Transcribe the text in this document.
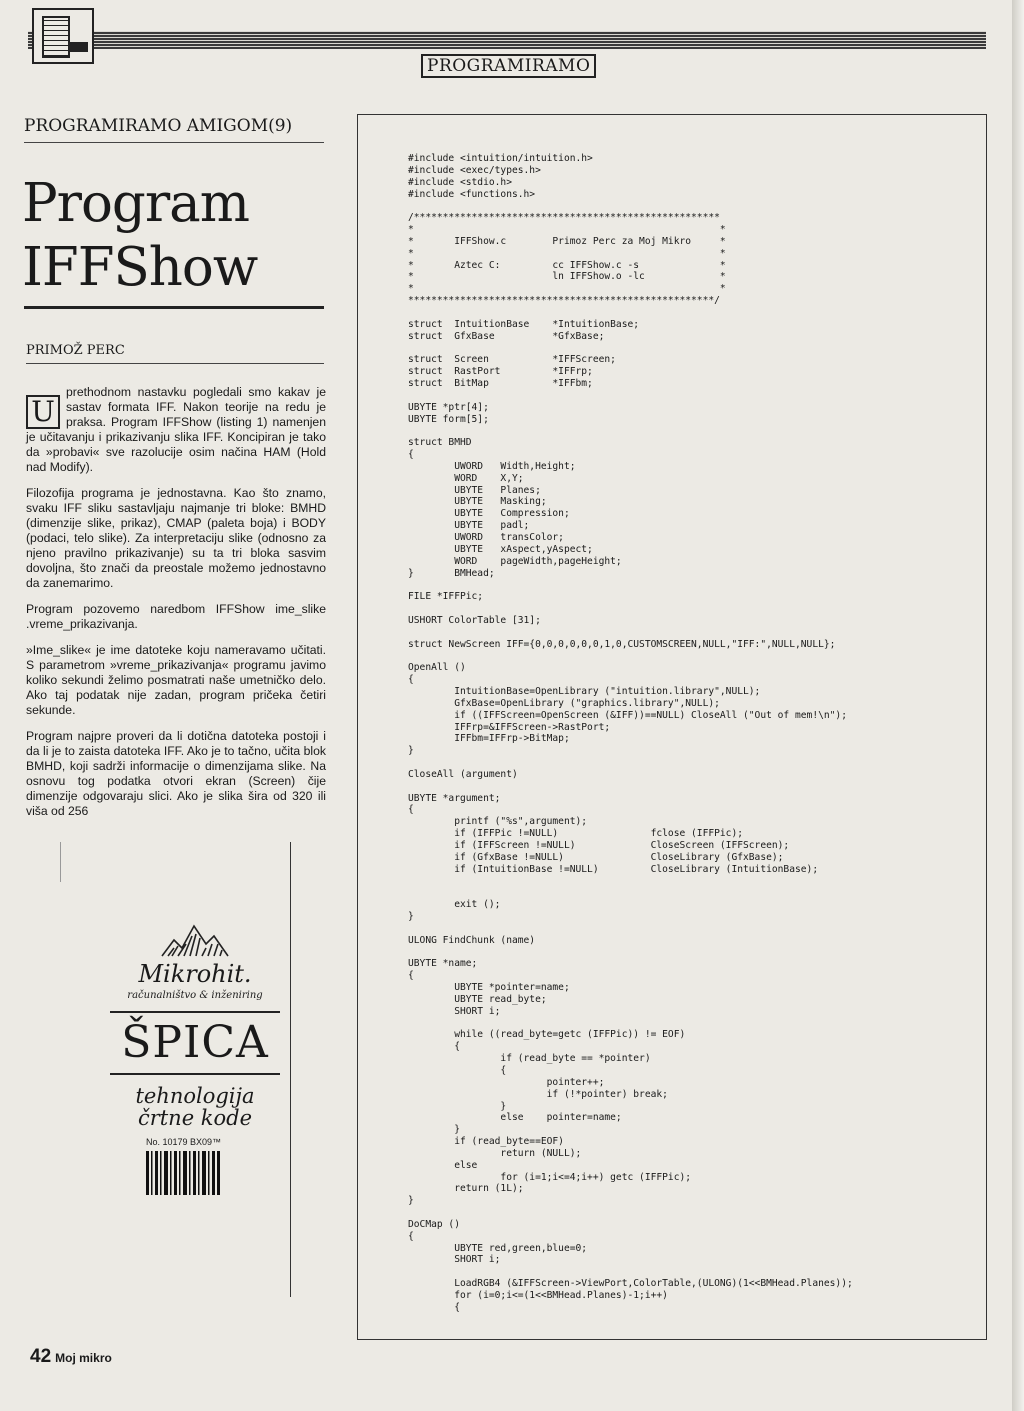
PROGRAMIRAMO
PROGRAMIRAMO AMIGOM(9)
Program
IFFShow
PRIMOŽ PERC

U
prethodnom nastavku pogledali smo kakav je sastav formata IFF. Nakon teorije na redu je praksa. Program IFFShow (listing 1) namenjen je učitavanju i prikazivanju slika IFF. Koncipiran je tako da »probavi« sve razolucije osim načina HAM (Hold nad Modify).

Filozofija programa je jednostavna. Kao što znamo, svaku IFF sliku sastavljaju najmanje tri bloke: BMHD (dimenzije slike, prikaz), CMAP (paleta boja) i BODY (podaci, telo slike). Za interpretaciju slike (odnosno za njeno pravilno prikazivanje) su ta tri bloka sasvim dovoljna, što znači da preostale možemo jednostavno da zanemarimo.

Program pozovemo naredbom IFFShow ime_slike .vreme_prikazivanja.

»Ime_slike« je ime datoteke koju nameravamo učitati. S parametrom »vreme_prikazivanja« programu javimo koliko sekundi želimo posmatrati naše umetničko delo. Ako taj podatak nije zadan, program pričeka četiri sekunde.

Program najpre proveri da li dotična datoteka postoji i da li je to zaista datoteka IFF. Ako je to tačno, učita blok BMHD, koji sadrži informacije o dimenzijama slike. Na osnovu tog podatka otvori ekran (Screen) čije dimenzije odgovaraju slici. Ako je slika šira od 320 ili viša od 256

Mikrohit.
računalništvo & inženiring
ŠPICA
tehnologija
črtne kode
No. 10179 BX09™
42 Moj mikro
#include <intuition/intuition.h>
#include <exec/types.h>
#include <stdio.h>
#include <functions.h>

/*****************************************************
*                                                     *
*       IFFShow.c        Primoz Perc za Moj Mikro     *
*                                                     *
*       Aztec C:         cc IFFShow.c -s              *
*                        ln IFFShow.o -lc             *
*                                                     *
*****************************************************/

struct  IntuitionBase    *IntuitionBase;
struct  GfxBase          *GfxBase;

struct  Screen           *IFFScreen;
struct  RastPort         *IFFrp;
struct  BitMap           *IFFbm;

UBYTE *ptr[4];
UBYTE form[5];

struct BMHD
{
UWORD   Width,Height;
WORD    X,Y;
UBYTE   Planes;
UBYTE   Masking;
UBYTE   Compression;
UBYTE   padl;
UWORD   transColor;
UBYTE   xAspect,yAspect;
WORD    pageWidth,pageHeight;
}       BMHead;

FILE *IFFPic;

USHORT ColorTable [31];

struct NewScreen IFF={0,0,0,0,0,0,1,0,CUSTOMSCREEN,NULL,"IFF:",NULL,NULL};

OpenAll ()
{
IntuitionBase=OpenLibrary ("intuition.library",NULL);
GfxBase=OpenLibrary ("graphics.library",NULL);
if ((IFFScreen=OpenScreen (&IFF))==NULL) CloseAll ("Out of mem!\n");
IFFrp=&IFFScreen->RastPort;
IFFbm=IFFrp->BitMap;
}

CloseAll (argument)

UBYTE *argument;
{
printf ("%s",argument);
if (IFFPic !=NULL)                fclose (IFFPic);
if (IFFScreen !=NULL)             CloseScreen (IFFScreen);
if (GfxBase !=NULL)               CloseLibrary (GfxBase);
if (IntuitionBase !=NULL)         CloseLibrary (IntuitionBase);

exit ();
}

ULONG FindChunk (name)

UBYTE *name;
{
UBYTE *pointer=name;
UBYTE read_byte;
SHORT i;

while ((read_byte=getc (IFFPic)) != EOF)
{
if (read_byte == *pointer)
{
pointer++;
if (!*pointer) break;
}
else    pointer=name;
}
if (read_byte==EOF)
return (NULL);
else
for (i=1;i<=4;i++) getc (IFFPic);
return (1L);
}

DoCMap ()
{
UBYTE red,green,blue=0;
SHORT i;

LoadRGB4 (&IFFScreen->ViewPort,ColorTable,(ULONG)(1<<BMHead.Planes));
for (i=0;i<=(1<<BMHead.Planes)-1;i++)
{
